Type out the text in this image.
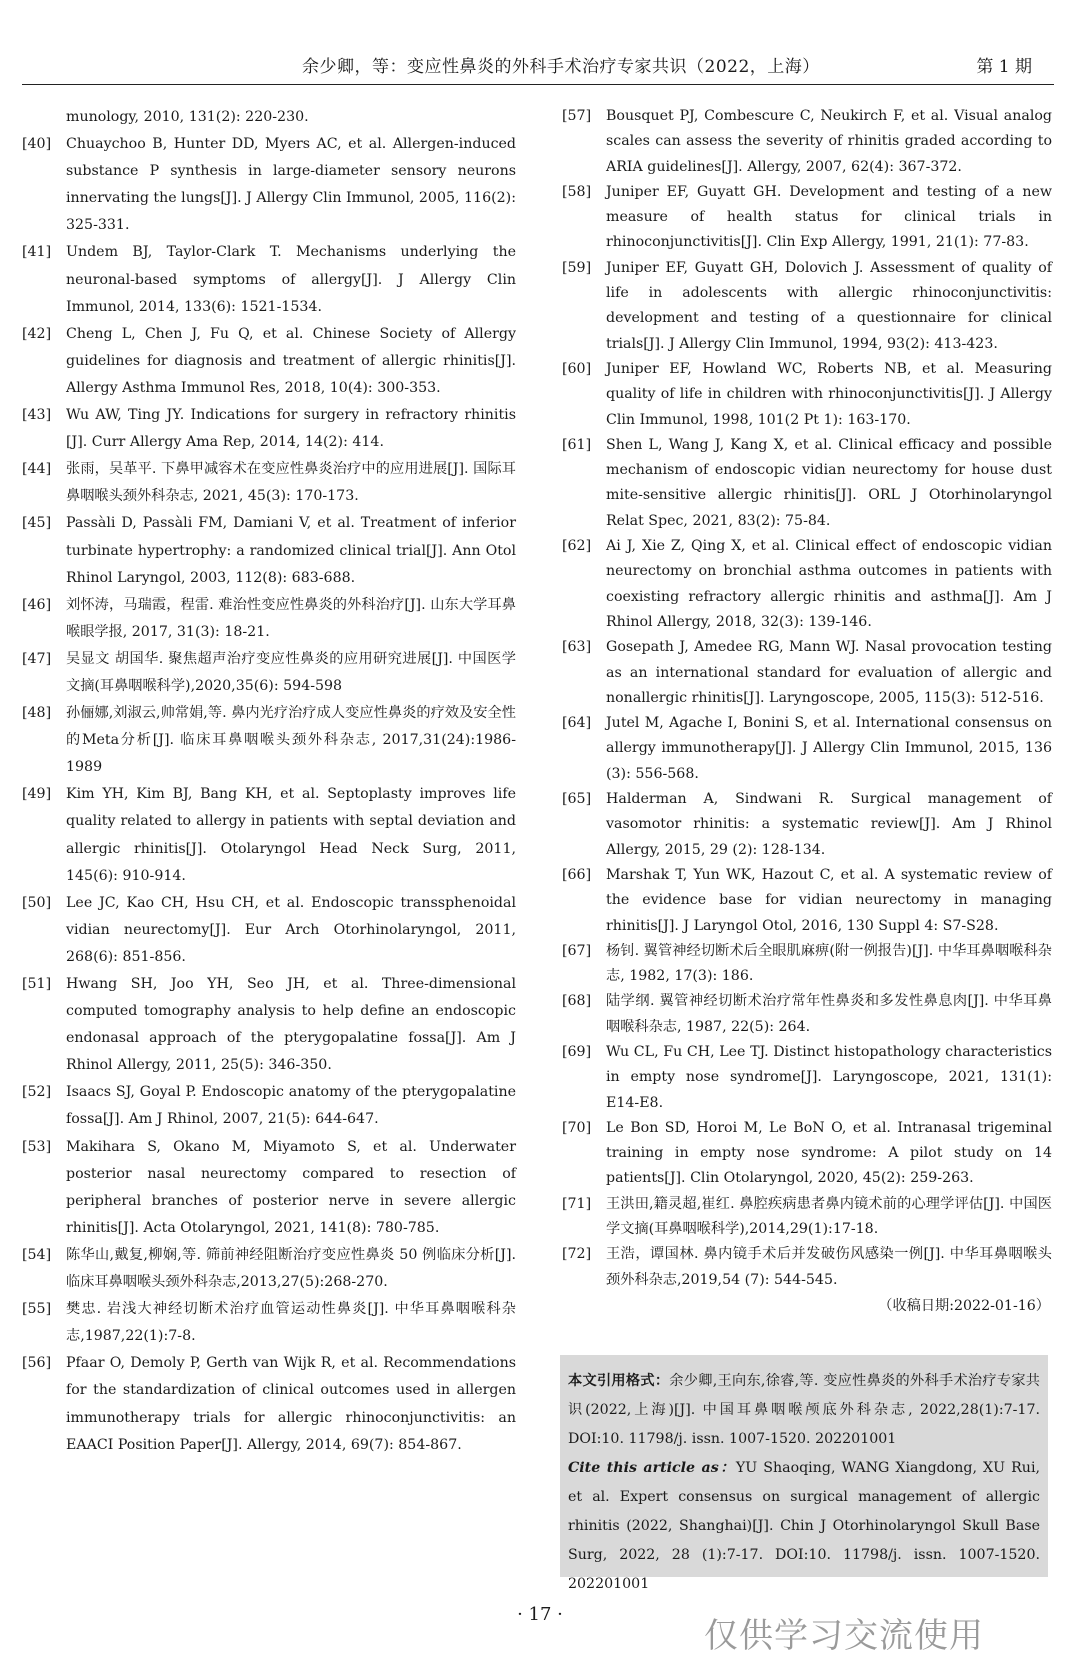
余少卿，等：变应性鼻炎的外科手术治疗专家共识（2022，上海）	第 1 期

munology, 2010, 131(2): 220-230.

[40] Chuaychoo B, Hunter DD, Myers AC, et al. Allergen-induced substance P synthesis in large-diameter sensory neurons innervating the lungs[J]. J Allergy Clin Immunol, 2005, 116(2): 325-331.

[41] Undem BJ, Taylor-Clark T. Mechanisms underlying the neuronal-based symptoms of allergy[J]. J Allergy Clin Immunol, 2014, 133(6): 1521-1534.

[42] Cheng L, Chen J, Fu Q, et al. Chinese Society of Allergy guidelines for diagnosis and treatment of allergic rhinitis[J]. Allergy Asthma Immunol Res, 2018, 10(4): 300-353.

[43] Wu AW, Ting JY. Indications for surgery in refractory rhinitis [J]. Curr Allergy Ama Rep, 2014, 14(2): 414.

[44] 张雨，吴革平. 下鼻甲减容术在变应性鼻炎治疗中的应用进展[J]. 国际耳鼻咽喉头颈外科杂志, 2021, 45(3): 170-173.

[45] Passàli D, Passàli FM, Damiani V, et al. Treatment of inferior turbinate hypertrophy: a randomized clinical trial[J]. Ann Otol Rhinol Laryngol, 2003, 112(8): 683-688.

[46] 刘怀涛，马瑞霞，程雷. 难治性变应性鼻炎的外科治疗[J]. 山东大学耳鼻喉眼学报, 2017, 31(3): 18-21.

[47] 吴显文 胡国华. 聚焦超声治疗变应性鼻炎的应用研究进展[J]. 中国医学文摘(耳鼻咽喉科学),2020,35(6): 594-598

[48] 孙俪娜,刘淑云,帅常娟,等. 鼻内光疗治疗成人变应性鼻炎的疗效及安全性的Meta分析[J]. 临床耳鼻咽喉头颈外科杂志, 2017,31(24):1986-1989

[49] Kim YH, Kim BJ, Bang KH, et al. Septoplasty improves life quality related to allergy in patients with septal deviation and allergic rhinitis[J]. Otolaryngol Head Neck Surg, 2011, 145(6): 910-914.

[50] Lee JC, Kao CH, Hsu CH, et al. Endoscopic transsphenoidal vidian neurectomy[J]. Eur Arch Otorhinolaryngol, 2011, 268(6): 851-856.

[51] Hwang SH, Joo YH, Seo JH, et al. Three-dimensional computed tomography analysis to help define an endoscopic endonasal approach of the pterygopalatine fossa[J]. Am J Rhinol Allergy, 2011, 25(5): 346-350.

[52] Isaacs SJ, Goyal P. Endoscopic anatomy of the pterygopalatine fossa[J]. Am J Rhinol, 2007, 21(5): 644-647.

[53] Makihara S, Okano M, Miyamoto S, et al. Underwater posterior nasal neurectomy compared to resection of peripheral branches of posterior nerve in severe allergic rhinitis[J]. Acta Otolaryngol, 2021, 141(8): 780-785.

[54] 陈华山,戴复,柳娴,等. 筛前神经阻断治疗变应性鼻炎 50 例临床分析[J]. 临床耳鼻咽喉头颈外科杂志,2013,27(5):268-270.

[55] 樊忠. 岩浅大神经切断术治疗血管运动性鼻炎[J]. 中华耳鼻咽喉科杂志,1987,22(1):7-8.

[56] Pfaar O, Demoly P, Gerth van Wijk R, et al. Recommendations for the standardization of clinical outcomes used in allergen immunotherapy trials for allergic rhinoconjunctivitis: an EAACI Position Paper[J]. Allergy, 2014, 69(7): 854-867.

[57] Bousquet PJ, Combescure C, Neukirch F, et al. Visual analog scales can assess the severity of rhinitis graded according to ARIA guidelines[J]. Allergy, 2007, 62(4): 367-372.

[58] Juniper EF, Guyatt GH. Development and testing of a new measure of health status for clinical trials in rhinoconjunctivitis[J]. Clin Exp Allergy, 1991, 21(1): 77-83.

[59] Juniper EF, Guyatt GH, Dolovich J. Assessment of quality of life in adolescents with allergic rhinoconjunctivitis: development and testing of a questionnaire for clinical trials[J]. J Allergy Clin Immunol, 1994, 93(2): 413-423.

[60] Juniper EF, Howland WC, Roberts NB, et al. Measuring quality of life in children with rhinoconjunctivitis[J]. J Allergy Clin Immunol, 1998, 101(2 Pt 1): 163-170.

[61] Shen L, Wang J, Kang X, et al. Clinical efficacy and possible mechanism of endoscopic vidian neurectomy for house dust mite-sensitive allergic rhinitis[J]. ORL J Otorhinolaryngol Relat Spec, 2021, 83(2): 75-84.

[62] Ai J, Xie Z, Qing X, et al. Clinical effect of endoscopic vidian neurectomy on bronchial asthma outcomes in patients with coexisting refractory allergic rhinitis and asthma[J]. Am J Rhinol Allergy, 2018, 32(3): 139-146.

[63] Gosepath J, Amedee RG, Mann WJ. Nasal provocation testing as an international standard for evaluation of allergic and nonallergic rhinitis[J]. Laryngoscope, 2005, 115(3): 512-516.

[64] Jutel M, Agache I, Bonini S, et al. International consensus on allergy immunotherapy[J]. J Allergy Clin Immunol, 2015, 136 (3): 556-568.

[65] Halderman A, Sindwani R. Surgical management of vasomotor rhinitis: a systematic review[J]. Am J Rhinol Allergy, 2015, 29 (2): 128-134.

[66] Marshak T, Yun WK, Hazout C, et al. A systematic review of the evidence base for vidian neurectomy in managing rhinitis[J]. J Laryngol Otol, 2016, 130 Suppl 4: S7-S28.

[67] 杨钊. 翼管神经切断术后全眼肌麻痹(附一例报告)[J]. 中华耳鼻咽喉科杂志, 1982, 17(3): 186.

[68] 陆学纲. 翼管神经切断术治疗常年性鼻炎和多发性鼻息肉[J]. 中华耳鼻咽喉科杂志, 1987, 22(5): 264.

[69] Wu CL, Fu CH, Lee TJ. Distinct histopathology characteristics in empty nose syndrome[J]. Laryngoscope, 2021, 131(1): E14-E8.

[70] Le Bon SD, Horoi M, Le BoN O, et al. Intranasal trigeminal training in empty nose syndrome: A pilot study on 14 patients[J]. Clin Otolaryngol, 2020, 45(2): 259-263.

[71] 王洪田,籍灵超,崔红. 鼻腔疾病患者鼻内镜术前的心理学评估[J]. 中国医学文摘(耳鼻咽喉科学),2014,29(1):17-18.

[72] 王浩，谭国林. 鼻内镜手术后并发破伤风感染一例[J]. 中华耳鼻咽喉头颈外科杂志,2019,54 (7): 544-545.

（收稿日期:2022-01-16）
本文引用格式：余少卿,王向东,徐睿,等. 变应性鼻炎的外科手术治疗专家共识(2022,上海)[J]. 中国耳鼻咽喉颅底外科杂志, 2022,28(1):7-17. DOI:10. 11798/j. issn. 1007-1520. 202201001
Cite this article as：YU Shaoqing, WANG Xiangdong, XU Rui, et al. Expert consensus on surgical management of allergic rhinitis (2022, Shanghai)[J]. Chin J Otorhinolaryngol Skull Base Surg, 2022, 28 (1):7-17. DOI:10. 11798/j. issn. 1007-1520. 202201001
· 17 ·
仅供学习交流使用
